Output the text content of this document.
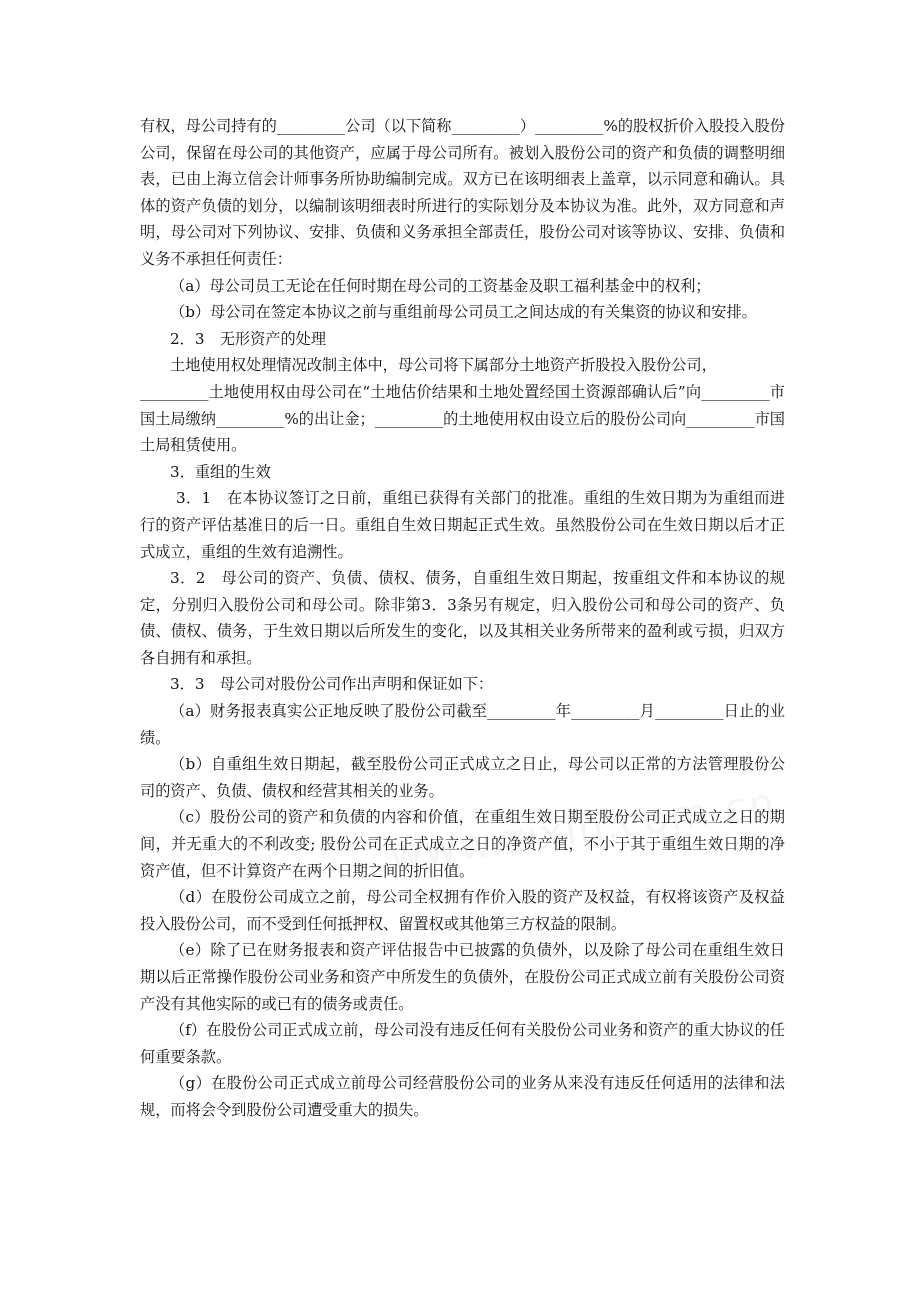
有权，母公司持有的_________公司（以下简称_________）_________%的股权折价入股投入股份公司，保留在母公司的其他资产，应属于母公司所有。被划入股份公司的资产和负债的调整明细表，已由上海立信会计师事务所协助编制完成。双方已在该明细表上盖章，以示同意和确认。具体的资产负债的划分，以编制该明细表时所进行的实际划分及本协议为准。此外，双方同意和声明，母公司对下列协议、安排、负债和义务承担全部责任，股份公司对该等协议、安排、负债和义务不承担任何责任：

（a）母公司员工无论在任何时期在母公司的工资基金及职工福利基金中的权利；

（b）母公司在签定本协议之前与重组前母公司员工之间达成的有关集资的协议和安排。

2．3　无形资产的处理

土地使用权处理情况改制主体中，母公司将下属部分土地资产折股投入股份公司，

_________土地使用权由母公司在“土地估价结果和土地处置经国土资源部确认后”向_________市国土局缴纳_________%的出让金；_________的土地使用权由设立后的股份公司向_________市国土局租赁使用。

3．重组的生效

3．1　在本协议签订之日前，重组已获得有关部门的批准。重组的生效日期为为重组而进行的资产评估基准日的后一日。重组自生效日期起正式生效。虽然股份公司在生效日期以后才正式成立，重组的生效有追溯性。

3．2　母公司的资产、负债、债权、债务，自重组生效日期起，按重组文件和本协议的规定，分别归入股份公司和母公司。除非第3．3条另有规定，归入股份公司和母公司的资产、负债、债权、债务，于生效日期以后所发生的变化，以及其相关业务所带来的盈利或亏损，归双方各自拥有和承担。

3．3　母公司对股份公司作出声明和保证如下：

（a）财务报表真实公正地反映了股份公司截至_________年_________月_________日止的业绩。

（b）自重组生效日期起，截至股份公司正式成立之日止，母公司以正常的方法管理股份公司的资产、负债、债权和经营其相关的业务。

（c）股份公司的资产和负债的内容和价值，在重组生效日期至股份公司正式成立之日的期间，并无重大的不利改变; 股份公司在正式成立之日的净资产值，不小于其于重组生效日期的净资产值，但不计算资产在两个日期之间的折旧值。

（d）在股份公司成立之前，母公司全权拥有作价入股的资产及权益，有权将该资产及权益投入股份公司，而不受到任何抵押权、留置权或其他第三方权益的限制。

（e）除了已在财务报表和资产评估报告中已披露的负债外，以及除了母公司在重组生效日期以后正常操作股份公司业务和资产中所发生的负债外，在股份公司正式成立前有关股份公司资产没有其他实际的或已有的债务或责任。

（f）在股份公司正式成立前，母公司没有违反任何有关股份公司业务和资产的重大协议的任何重要条款。

（g）在股份公司正式成立前母公司经营股份公司的业务从来没有违反任何适用的法律和法规，而将会令到股份公司遭受重大的损失。
